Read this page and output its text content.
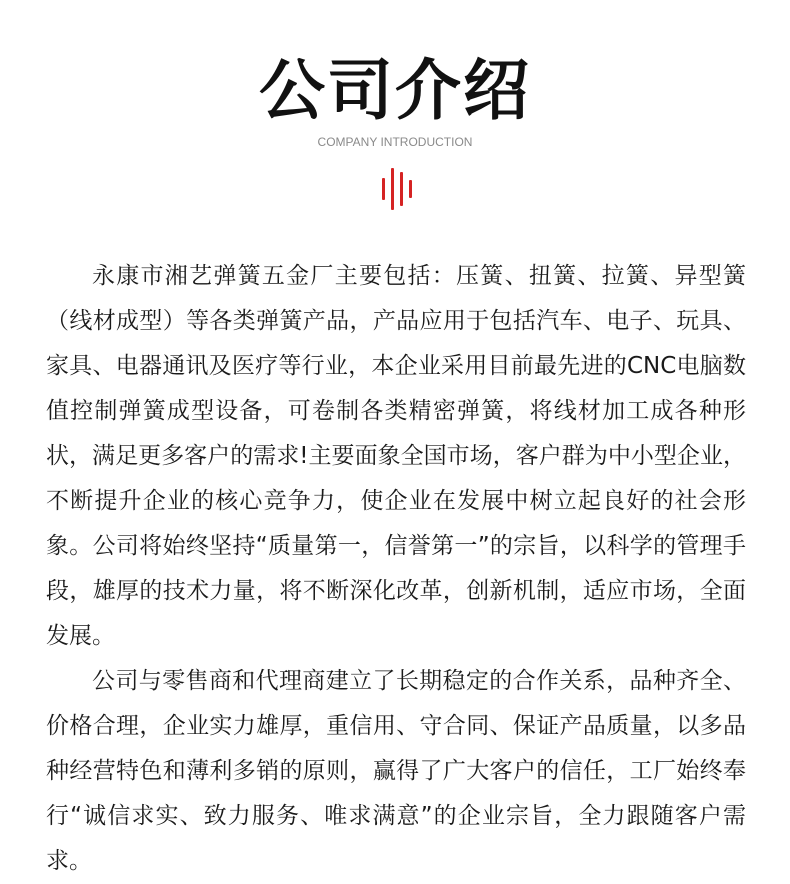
公司介绍
COMPANY INTRODUCTION

永康市湘艺弹簧五金厂主要包括：压簧、扭簧、拉簧、异型簧（线材成型）等各类弹簧产品，产品应用于包括汽车、电子、玩具、家具、电器通讯及医疗等行业，本企业采用目前最先进的CNC电脑数值控制弹簧成型设备，可卷制各类精密弹簧，将线材加工成各种形状，满足更多客户的需求!主要面象全国市场，客户群为中小型企业，不断提升企业的核心竞争力，使企业在发展中树立起良好的社会形象。公司将始终坚持“质量第一，信誉第一”的宗旨，以科学的管理手段，雄厚的技术力量，将不断深化改革，创新机制，适应市场，全面发展。

公司与零售商和代理商建立了长期稳定的合作关系，品种齐全、价格合理，企业实力雄厚，重信用、守合同、保证产品质量，以多品种经营特色和薄利多销的原则，赢得了广大客户的信任，工厂始终奉行“诚信求实、致力服务、唯求满意”的企业宗旨，全力跟随客户需求。
